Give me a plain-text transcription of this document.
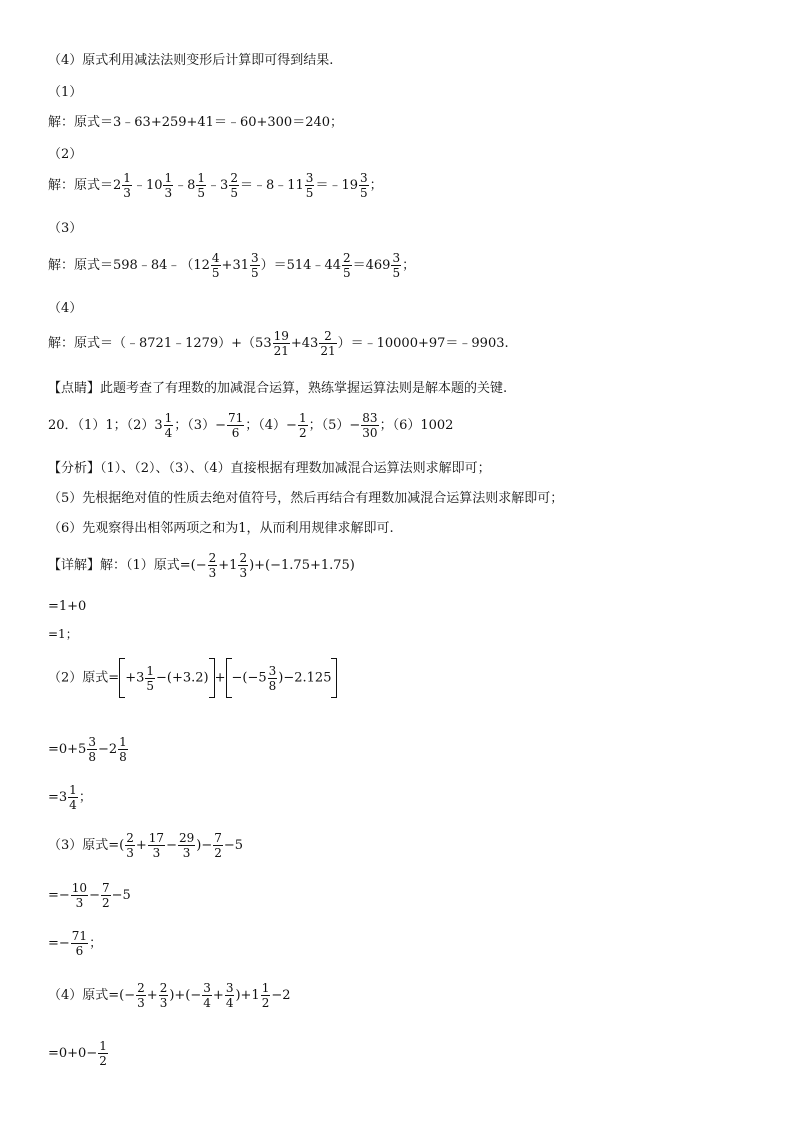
（4）原式利用减法法则变形后计算即可得到结果.
（1）
解：原式＝3﹣63+259+41＝﹣60+300＝240；
（2）
解：原式$=2 \frac{1}{3}$ ﹣10 $\frac{1}{3}$ ﹣8 $\frac{1}{5}$ ﹣3 $\frac{2}{5}$ ＝﹣8﹣11 $\frac{3}{5}$ ＝﹣19 $\frac{3}{5}$ ；
（3）
解：原式＝598﹣84﹣（12 $\frac{4}{5} +31 \frac{3}{5}$ ）＝514﹣44 $\frac{2}{5} =469 \frac{3}{5}$ ；
（4）
解：原式＝（﹣8721﹣1279）+（53 $\frac{19}{21} +43 \frac{2}{21}$ ）＝﹣10000+97＝﹣9903.
【点睛】此题考查了有理数的加减混合运算，熟练掌握运算法则是解本题的关键.
20．（1）1；$(2)3 \frac{1}{4}$ ；$(3)- \frac{71}{6}$ ；$(4)- \frac{1}{2}$ ；$(5)- \frac{83}{30}$ ；（6）1002
【分析】（1）、（2）、（3）、（4）直接根据有理数加减混合运算法则求解即可；
（5）先根据绝对值的性质去绝对值符号，然后再结合有理数加减混合运算法则求解即可；
（6）先观察得出相邻两项之和为1，从而利用规律求解即可.
【详解】解：（1）原式=(− $\frac{2}{3} +1 \frac{2}{3} )+(-1.75+1.75)$
=1+0
=1；
（2）原式= $+3 \frac{1}{5} -(+3.2) + -(-5 \frac{3}{8} )-2.125$
$=0+5 \frac{3}{8} -2 \frac{1}{8}$
$=3 \frac{1}{4}$ ；
（3）原式=( $\frac{2}{3} + \frac{17}{3} - \frac{29}{3}$ )− $\frac{7}{2} -5$
=− $\frac{10}{3} - \frac{7}{2} -5$
=− $\frac{71}{6}$ ；
（4）原式=(− $\frac{2}{3} + \frac{2}{3}$ )+(− $\frac{3}{4} + \frac{3}{4} )+1 \frac{1}{2} -2$
$=0+0- \frac{1}{2}$
